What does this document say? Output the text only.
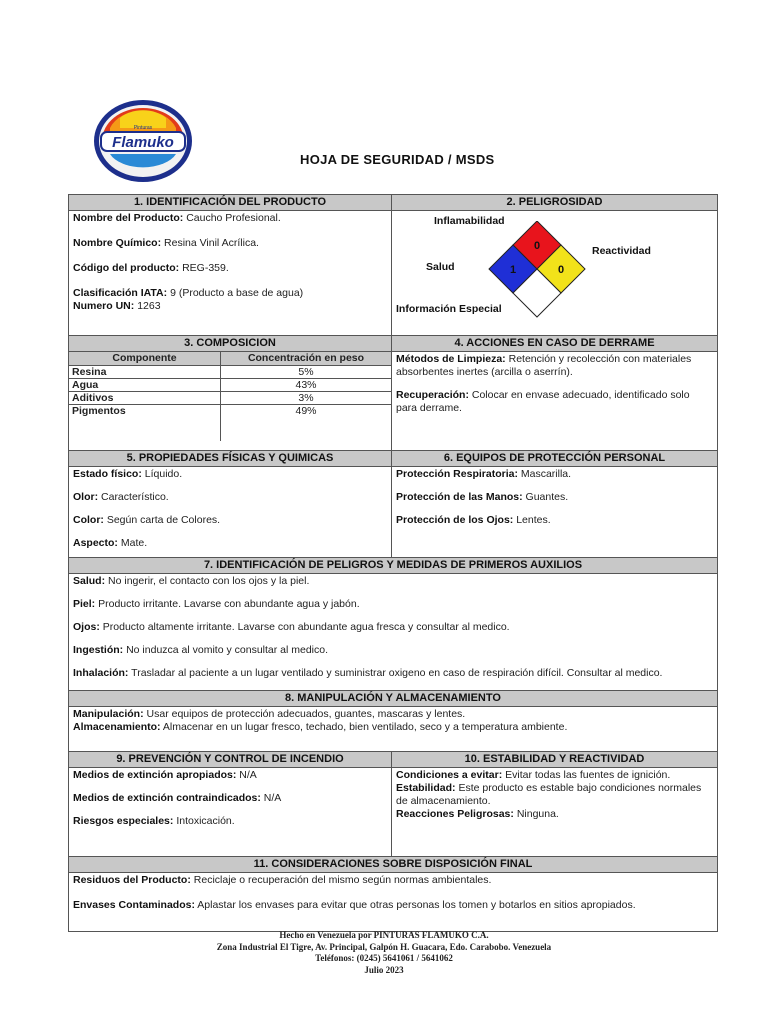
Flamuko
Pinturas
HOJA DE SEGURIDAD / MSDS
1. IDENTIFICACIÓN DEL PRODUCTO
Nombre del Producto: Caucho Profesional.
Nombre Químico: Resina Vinil Acrílica.
Código del producto: REG-359.
Clasificación IATA: 9 (Producto a base de agua)
Numero UN: 1263
2. PELIGROSIDAD
Inflamabilidad
Reactividad
Salud
Información Especial
0
1	0
3. COMPOSICION
Componente	Concentración en peso
Resina	5%
Agua	43%
Aditivos	3%
Pigmentos	49%
4. ACCIONES EN CASO DE DERRAME
Métodos de Limpieza: Retención y recolección con materiales absorbentes inertes (arcilla o aserrín).
Recuperación: Colocar en envase adecuado, identificado solo para derrame.
5. PROPIEDADES FÍSICAS Y QUIMICAS
Estado físico: Líquido.
Olor: Característico.
Color: Según carta de Colores.
Aspecto: Mate.
6. EQUIPOS DE PROTECCIÓN PERSONAL
Protección Respiratoria: Mascarilla.
Protección de las Manos: Guantes.
Protección de los Ojos: Lentes.
7. IDENTIFICACIÓN DE PELIGROS Y MEDIDAS DE PRIMEROS AUXILIOS
Salud: No ingerir, el contacto con los ojos y la piel.
Piel: Producto irritante. Lavarse con abundante agua y jabón.
Ojos: Producto altamente irritante. Lavarse con abundante agua fresca y consultar al medico.
Ingestión: No induzca al vomito y consultar al medico.
Inhalación: Trasladar al paciente a un lugar ventilado y suministrar oxigeno en caso de respiración difícil. Consultar al medico.
8. MANIPULACIÓN Y ALMACENAMIENTO
Manipulación: Usar equipos de protección adecuados, guantes, mascaras y lentes.
Almacenamiento: Almacenar en un lugar fresco, techado, bien ventilado, seco y a temperatura ambiente.
9. PREVENCIÓN Y CONTROL DE INCENDIO
Medios de extinción apropiados: N/A
Medios de extinción contraindicados: N/A
Riesgos especiales: Intoxicación.
10. ESTABILIDAD Y REACTIVIDAD
Condiciones a evitar: Evitar todas las fuentes de ignición.
Estabilidad: Este producto es estable bajo condiciones normales de almacenamiento.
Reacciones Peligrosas: Ninguna.
11. CONSIDERACIONES SOBRE DISPOSICIÓN FINAL
Residuos del Producto: Reciclaje o recuperación del mismo según normas ambientales.
Envases Contaminados: Aplastar los envases para evitar que otras personas los tomen y botarlos en sitios apropiados.
Hecho en Venezuela por PINTURAS FLAMUKO C.A.
Zona Industrial El Tigre, Av. Principal, Galpón H. Guacara, Edo. Carabobo. Venezuela
Teléfonos: (0245) 5641061 / 5641062
Julio 2023
